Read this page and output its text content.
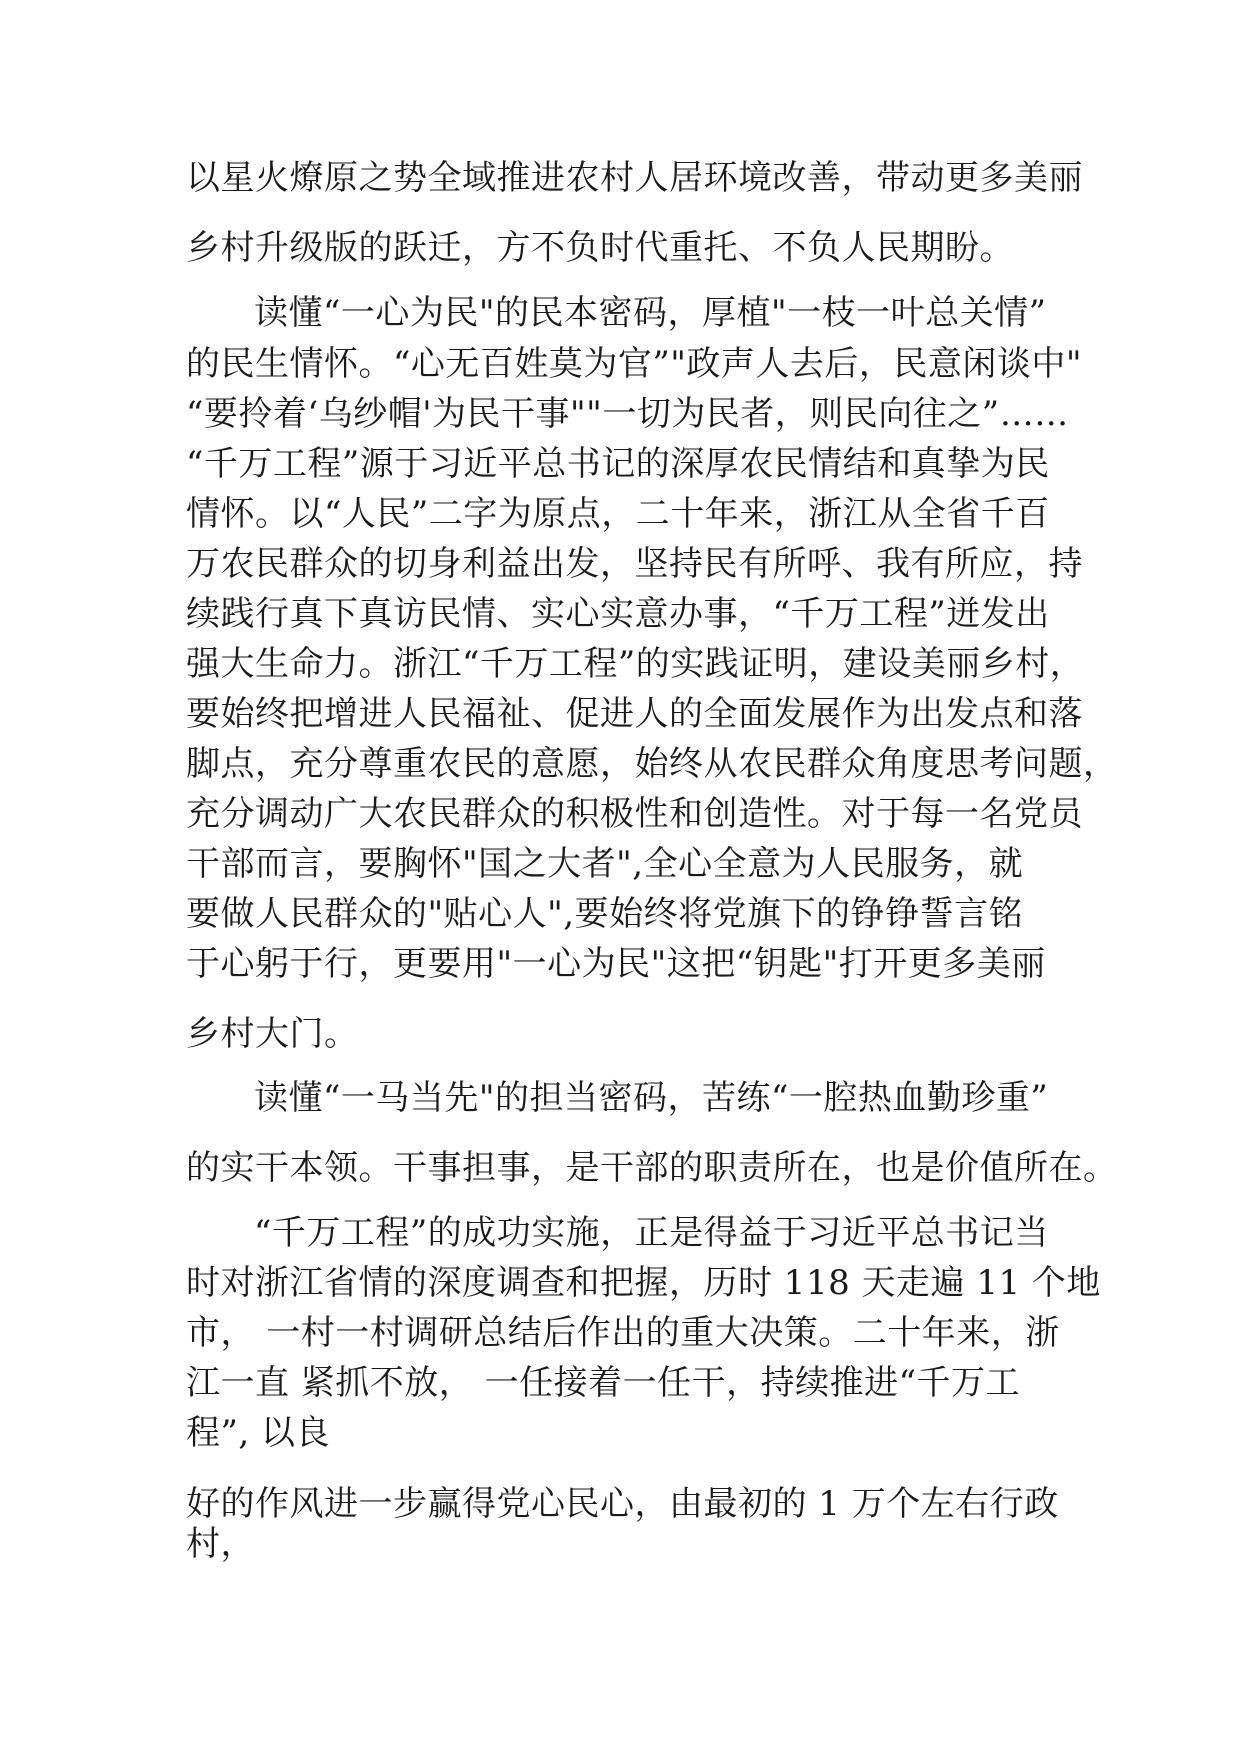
以星火燎原之势全域推进农村人居环境改善，带动更多美丽
乡村升级版的跃迁，方不负时代重托、不负人民期盼。
读懂“一心为民"的民本密码，厚植"一枝一叶总关情”
的民生情怀。“心无百姓莫为官”"政声人去后，民意闲谈中"
“要拎着‘乌纱帽'为民干事""一切为民者，则民向往之”……
“千万工程”源于习近平总书记的深厚农民情结和真挚为民
情怀。以“人民”二字为原点，二十年来，浙江从全省千百
万农民群众的切身利益出发，坚持民有所呼、我有所应，持
续践行真下真访民情、实心实意办事，“千万工程”迸发出
强大生命力。浙江“千万工程”的实践证明，建设美丽乡村，
要始终把增进人民福祉、促进人的全面发展作为出发点和落
脚点，充分尊重农民的意愿，始终从农民群众角度思考问题，
充分调动广大农民群众的积极性和创造性。对于每一名党员
干部而言，要胸怀"国之大者",全心全意为人民服务，就
要做人民群众的"贴心人",要始终将党旗下的铮铮誓言铭
于心躬于行，更要用"一心为民"这把“钥匙"打开更多美丽
乡村大门。
读懂“一马当先"的担当密码，苦练“一腔热血勤珍重”
的实干本领。干事担事，是干部的职责所在，也是价值所在。
“千万工程”的成功实施，正是得益于习近平总书记当
时对浙江省情的深度调查和把握，历时 118 天走遍 11 个地
市， 一村一村调研总结后作出的重大决策。二十年来，浙
江一直 紧抓不放， 一任接着一任干，持续推进“千万工
程”, 以良
好的作风进一步赢得党心民心，由最初的 1 万个左右行政
村，
